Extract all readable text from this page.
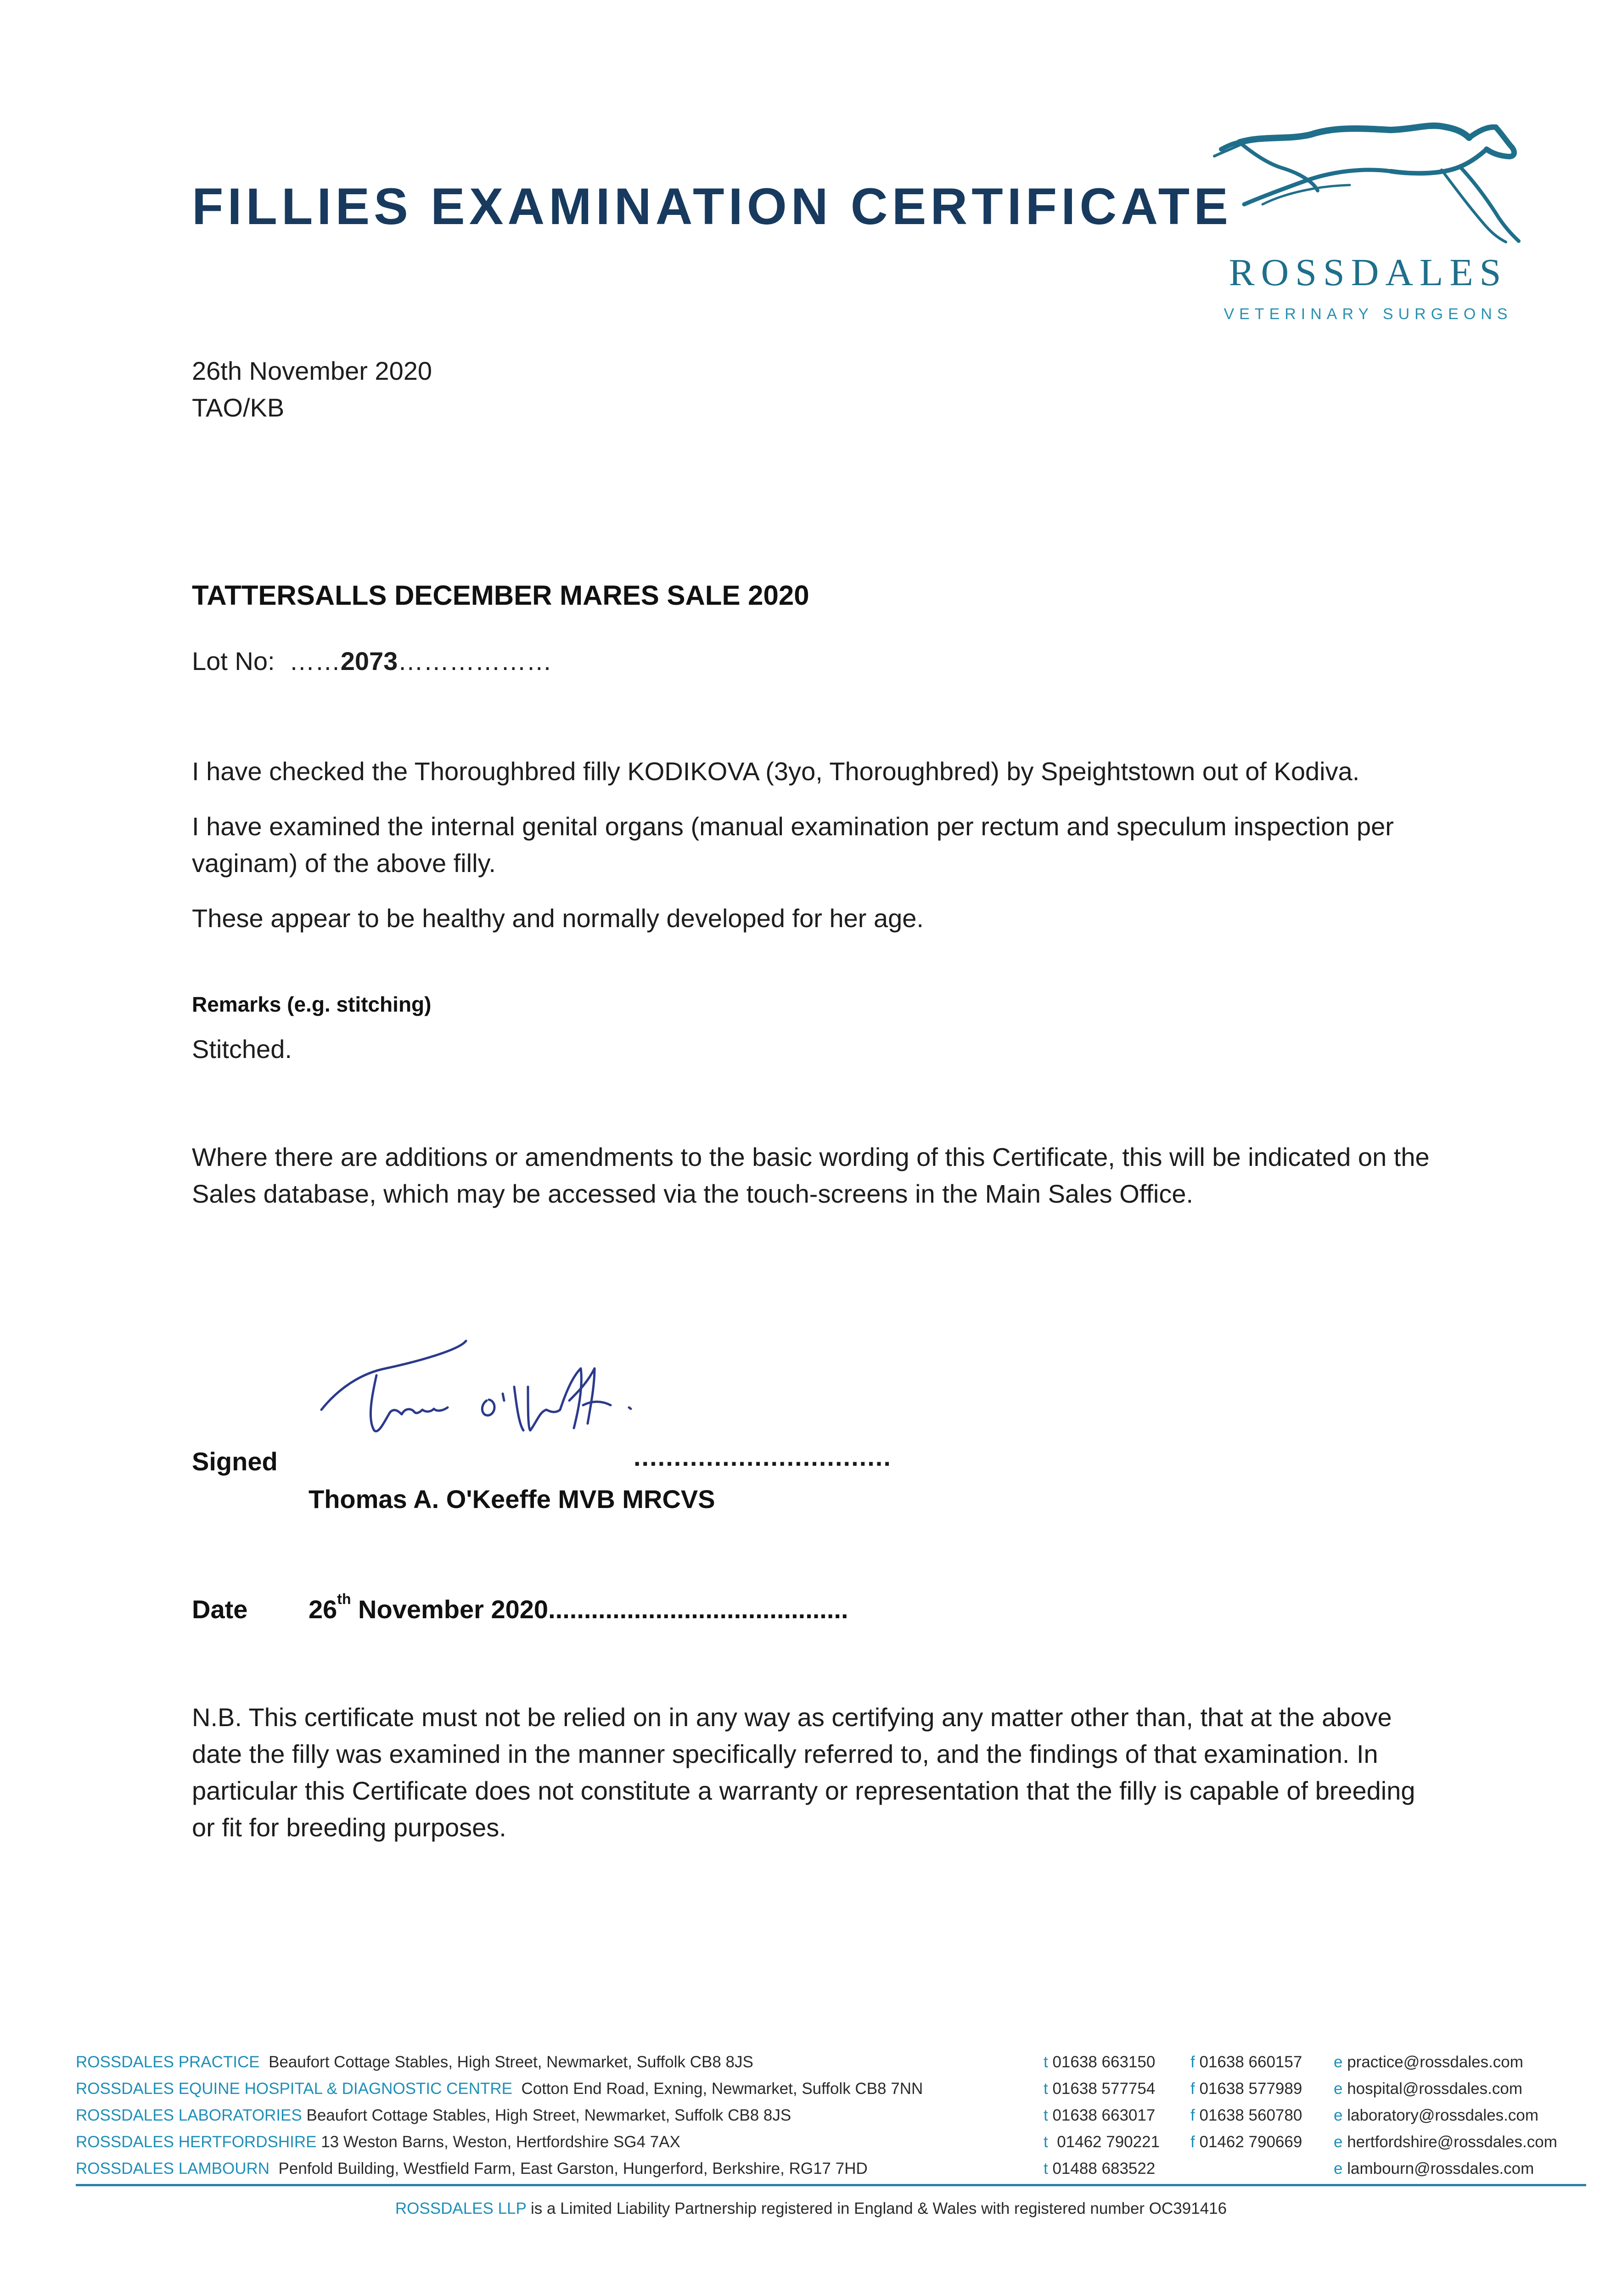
FILLIES EXAMINATION CERTIFICATE
ROSSDALES
VETERINARY SURGEONS
26th November 2020
TAO/KB
TATTERSALLS DECEMBER MARES SALE 2020
Lot No: ……2073………………
I have checked the Thoroughbred filly KODIKOVA (3yo, Thoroughbred) by Speightstown out of Kodiva.
I have examined the internal genital organs (manual examination per rectum and speculum inspection per vaginam) of the above filly.
These appear to be healthy and normally developed for her age.
Remarks (e.g. stitching)
Stitched.
Where there are additions or amendments to the basic wording of this Certificate, this will be indicated on the Sales database, which may be accessed via the touch-screens in the Main Sales Office.
Signed	................................
Thomas A. O'Keeffe MVB MRCVS
Date 26th November 2020..........................................
N.B. This certificate must not be relied on in any way as certifying any matter other than, that at the above date the filly was examined in the manner specifically referred to, and the findings of that examination. In particular this Certificate does not constitute a warranty or representation that the filly is capable of breeding or fit for breeding purposes.
ROSSDALES PRACTICE Beaufort Cottage Stables, High Street, Newmarket, Suffolk CB8 8JS	t 01638 663150 f 01638 660157 e practice@rossdales.com
ROSSDALES EQUINE HOSPITAL & DIAGNOSTIC CENTRE Cotton End Road, Exning, Newmarket, Suffolk CB8 7NN	t 01638 577754 f 01638 577989 e hospital@rossdales.com
ROSSDALES LABORATORIES Beaufort Cottage Stables, High Street, Newmarket, Suffolk CB8 8JS	t 01638 663017 f 01638 560780 e laboratory@rossdales.com
ROSSDALES HERTFORDSHIRE 13 Weston Barns, Weston, Hertfordshire SG4 7AX	t 01462 790221 f 01462 790669 e hertfordshire@rossdales.com
ROSSDALES LAMBOURN Penfold Building, Westfield Farm, East Garston, Hungerford, Berkshire, RG17 7HD	t 01488 683522	e lambourn@rossdales.com
ROSSDALES LLP is a Limited Liability Partnership registered in England & Wales with registered number OC391416
